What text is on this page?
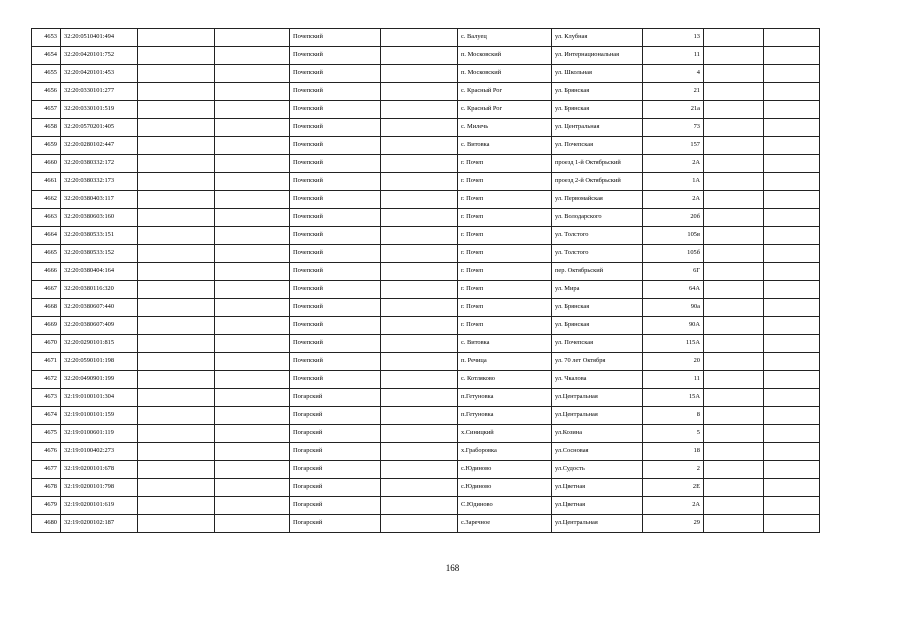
4653	32:20:0510401:494			Почепский		с. Валуец	ул. Клубная	13		
4654	32:20:0420101:752			Почепский		п. Московский	ул. Интернациональная	11		
4655	32:20:0420101:453			Почепский		п. Московский	ул. Школьная	4		
4656	32:20:0330101:277			Почепский		с. Красный Рог	ул. Брянская	21		
4657	32:20:0330101:519			Почепский		с. Красный Рог	ул. Брянская	21а		
4658	32:20:0570201:405			Почепский		с. Милечь	ул. Центральная	73		
4659	32:20:0280102:447			Почепский		с. Витовка	ул. Почепская	157		
4660	32:20:0380332:172			Почепский		г. Почеп	проезд 1-й Октябрьский	2А		
4661	32:20:0380332:173			Почепский		г. Почеп	проезд 2-й Октябрьский	1А		
4662	32:20:0380403:117			Почепский		г. Почеп	ул. Первомайская	2А		
4663	32:20:0380603:160			Почепский		г. Почеп	ул. Володарского	20б		
4664	32:20:0380533:151			Почепский		г. Почеп	ул. Толстого	105в		
4665	32:20:0380533:152			Почепский		г. Почеп	ул. Толстого	105б		
4666	32:20:0380404:164			Почепский		г. Почеп	пер. Октябрьский	6Г		
4667	32:20:0380116:320			Почепский		г. Почеп	ул. Мира	64А		
4668	32:20:0380607:440			Почепский		г. Почеп	ул. Брянская	90а		
4669	32:20:0380607:409			Почепский		г. Почеп	ул. Брянская	90А		
4670	32:20:0290101:815			Почепский		с. Витовка	ул. Почепская	115А		
4671	32:20:0590101:198			Почепский		п. Речица	ул. 70 лет Октября	20		
4672	32:20:0490901:199			Почепский		с. Котляково	ул. Чкалова	11		
4673	32:19:0100101:304			Погарский		п.Гетуновка	ул.Центральная	15А		
4674	32:19:0100101:159			Погарский		п.Гетуновка	ул.Центральная	8		
4675	32:19:0100601:119			Погарский		х.Синицкий	ул.Козина	5		
4676	32:19:0100402:273			Погарский		х.Граборовка	ул.Сосновая	18		
4677	32:19:0200101:678			Погарский		с.Юдиново	ул.Судость	2		
4678	32:19:0200101:798			Погарский		с.Юдиново	ул.Цветная	2Е		
4679	32:19:0200101:619			Погарский		С.Юдиново	ул.Цветная	2А		
4680	32:19:0200102:187			Погарский		с.Заречное	ул.Центральная	29		
168
